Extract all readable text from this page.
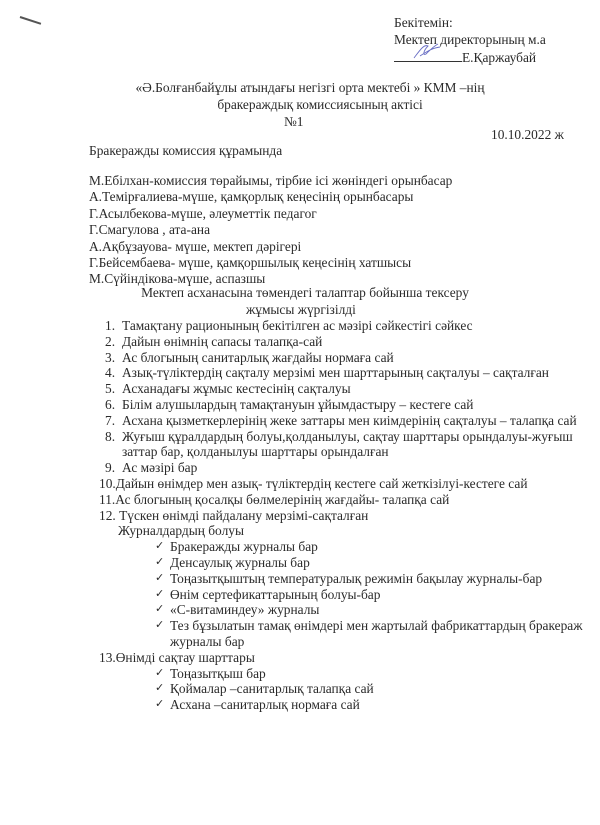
Бекітемін:
Мектеп директорының м.а
Е.Қаржаубай
«Ә.Болғанбайұлы атындағы негізгі орта мектебі » КММ –нің
бракераждық комиссиясының актісі
№1
10.10.2022 ж
Бракеражды комиссия құрамында
М.Ебілхан-комиссия төрайымы, тірбие ісі жөніндегі орынбасар
А.Темірғалиева-мүше, қамқорлық кеңесінің орынбасары
Г.Асылбекова-мүше, әлеуметтік педагог
Г.Смагулова , ата-ана
А.Ақбұзауова- мүше, мектеп дәрігері
Г.Бейсембаева- мүше, қамқоршылық кеңесінің хатшысы
М.Сүйіндікова-мүше, аспазшы
Мектеп асханасына төмендегі талаптар бойынша тексеру
жұмысы жүргізілді
1. Тамақтану рационының бекітілген ас мәзірі сәйкестігі сәйкес
2. Дайын өнімнің сапасы талапқа-сай
3. Ас блогының санитарлық жағдайы нормаға сай
4. Азық-түліктердің сақталу мерзімі мен шарттарының сақталуы – сақталған
5. Асханадағы жұмыс кестесінің сақталуы
6. Білім алушылардың тамақтануын ұйымдастыру – кестеге сай
7. Асхана қызметкерлерінің жеке заттары мен киімдерінің сақталуы – талапқа сай
8. Жуғыш құралдардың болуы,қолданылуы, сақтау шарттары орындалуы-жуғыш заттар бар, қолданылуы шарттары орындалған
9. Ас мәзірі бар
10.Дайын өнімдер мен азық- түліктердің кестеге сай жеткізілуі-кестеге сай
11.Ас блогының қосалқы бөлмелерінің жағдайы- талапқа сай
12. Түскен өнімді пайдалану мерзімі-сақталған
Журналдардың болуы
✓ Бракеражды журналы бар
✓ Денсаулық журналы бар
✓ Тоңазытқыштың температуралық режимін бақылау журналы-бар
✓ Өнім сертефикаттарының болуы-бар
✓ «С-витаминдеу» журналы
✓ Тез бұзылатын тамақ өнімдері мен жартылай фабрикаттардың бракераж журналы бар
13.Өнімді сақтау шарттары
✓ Тоңазытқыш бар
✓ Қоймалар –санитарлық талапқа сай
✓ Асхана –санитарлық нормаға сай
